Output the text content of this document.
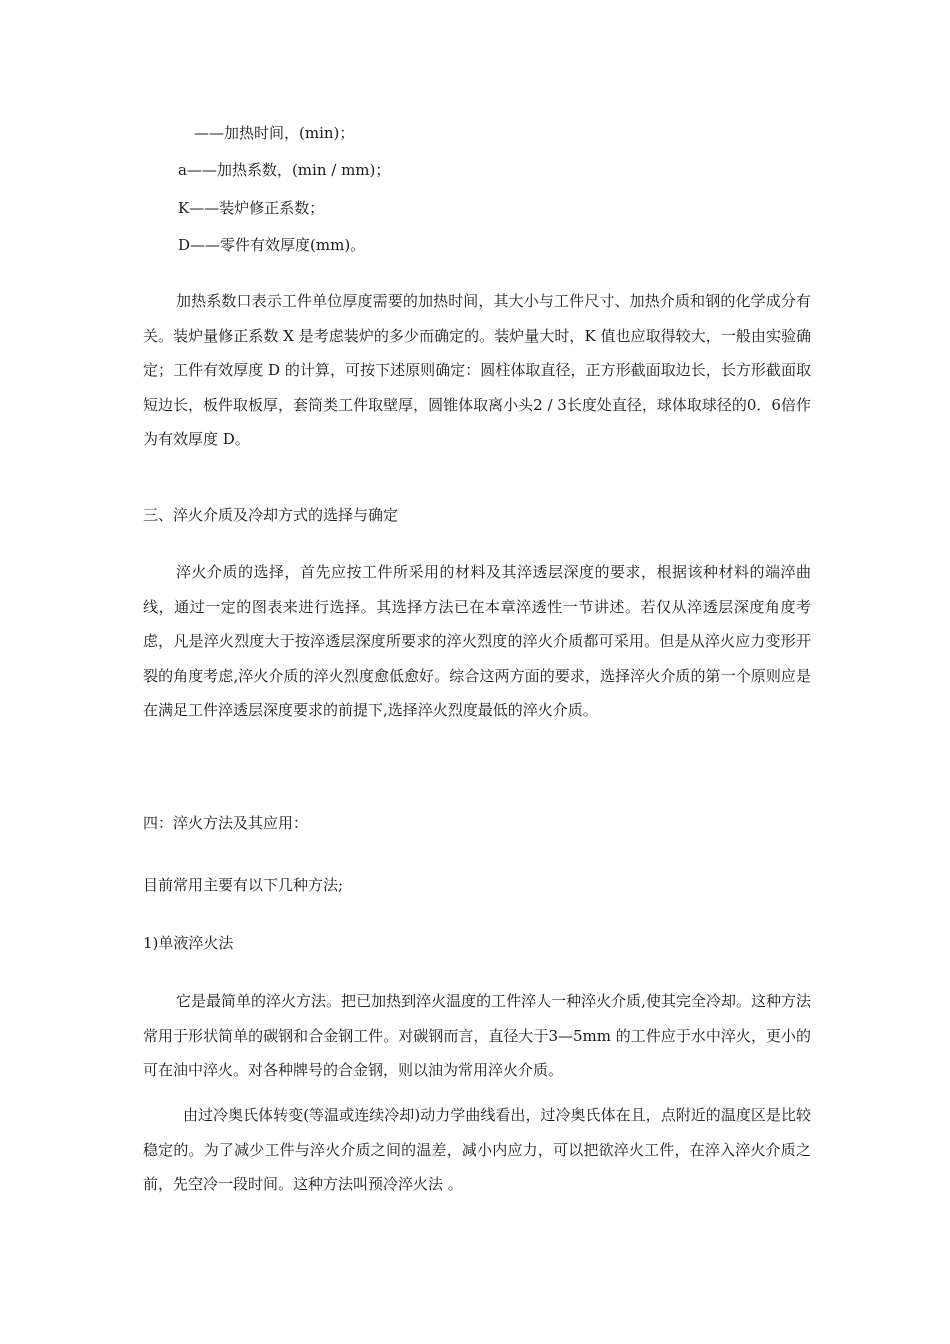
——加热时间，(min)；

a——加热系数，(min / mm)；

K——装炉修正系数；

D——零件有效厚度(mm)。

加热系数口表示工件单位厚度需要的加热时间，其大小与工件尺寸、加热介质和钢的化学成分有关。装炉量修正系数 X 是考虑装炉的多少而确定的。装炉量大时，K 值也应取得较大，一般由实验确定；工件有效厚度 D 的计算，可按下述原则确定：圆柱体取直径，正方形截面取边长，长方形截面取短边长，板件取板厚，套筒类工件取壁厚，圆锥体取离小头2 / 3长度处直径，球体取球径的0．6倍作为有效厚度 D。

三、淬火介质及冷却方式的选择与确定

淬火介质的选择，首先应按工件所采用的材料及其淬透层深度的要求，根据该种材料的端淬曲线，通过一定的图表来进行选择。其选择方法已在本章淬透性一节讲述。若仅从淬透层深度角度考虑，凡是淬火烈度大于按淬透层深度所要求的淬火烈度的淬火介质都可采用。但是从淬火应力变形开裂的角度考虑,淬火介质的淬火烈度愈低愈好。综合这两方面的要求，选择淬火介质的第一个原则应是在满足工件淬透层深度要求的前提下,选择淬火烈度最低的淬火介质。

四：淬火方法及其应用：

目前常用主要有以下几种方法;

1)单液淬火法

它是最简单的淬火方法。把已加热到淬火温度的工件淬人一种淬火介质,使其完全冷却。这种方法常用于形状简单的碳钢和合金钢工件。对碳钢而言，直径大于3—5mm 的工件应于水中淬火，更小的可在油中淬火。对各种牌号的合金钢，则以油为常用淬火介质。

由过冷奥氏体转变(等温或连续冷却)动力学曲线看出，过冷奥氏体在且，点附近的温度区是比较稳定的。为了减少工件与淬火介质之间的温差，减小内应力，可以把欲淬火工件，在淬入淬火介质之前，先空冷一段时间。这种方法叫预冷淬火法 。
